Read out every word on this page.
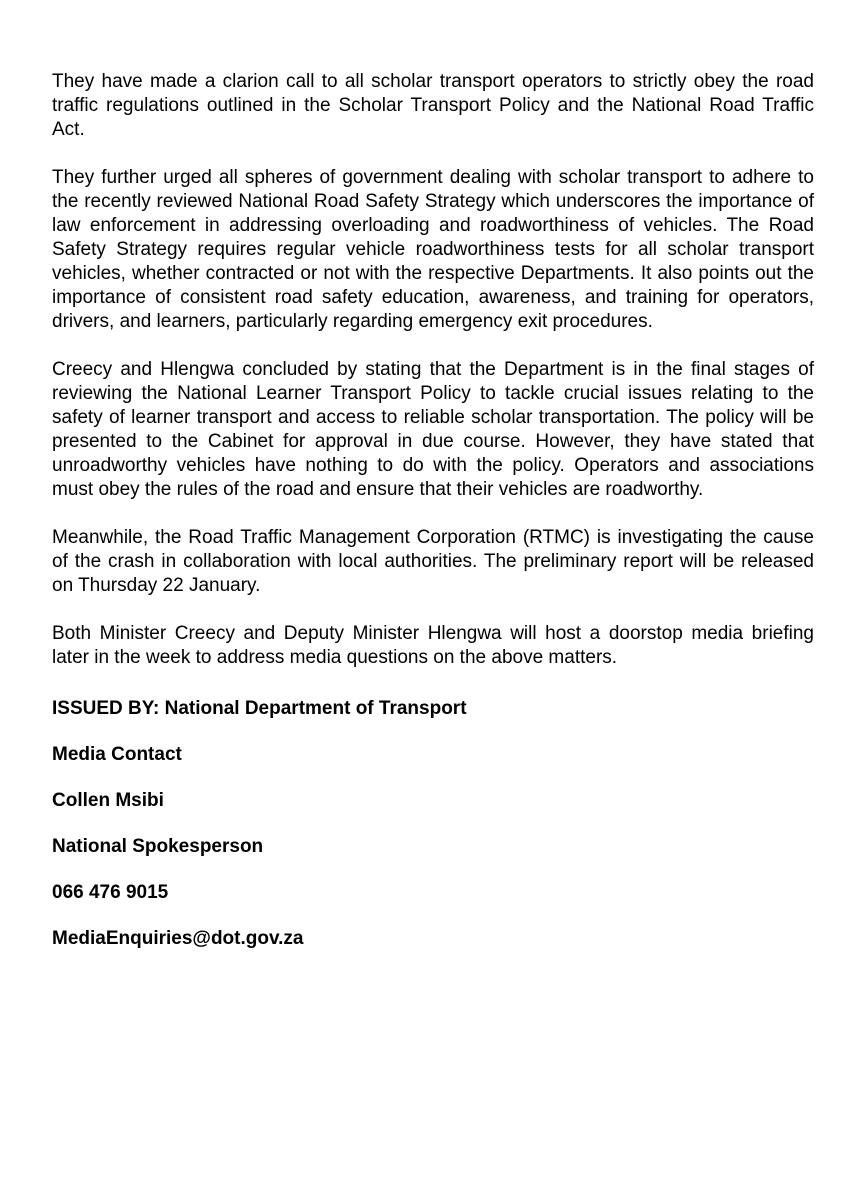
They have made a clarion call to all scholar transport operators to strictly obey the road traffic regulations outlined in the Scholar Transport Policy and the National Road Traffic Act.

They further urged all spheres of government dealing with scholar transport to adhere to the recently reviewed National Road Safety Strategy which underscores the importance of law enforcement in addressing overloading and roadworthiness of vehicles. The Road Safety Strategy requires regular vehicle roadworthiness tests for all scholar transport vehicles, whether contracted or not with the respective Departments. It also points out the importance of consistent road safety education, awareness, and training for operators, drivers, and learners, particularly regarding emergency exit procedures.

Creecy and Hlengwa concluded by stating that the Department is in the final stages of reviewing the National Learner Transport Policy to tackle crucial issues relating to the safety of learner transport and access to reliable scholar transportation. The policy will be presented to the Cabinet for approval in due course. However, they have stated that unroadworthy vehicles have nothing to do with the policy. Operators and associations must obey the rules of the road and ensure that their vehicles are roadworthy.

Meanwhile, the Road Traffic Management Corporation (RTMC) is investigating the cause of the crash in collaboration with local authorities. The preliminary report will be released on Thursday 22 January.

Both Minister Creecy and Deputy Minister Hlengwa will host a doorstop media briefing later in the week to address media questions on the above matters.

ISSUED BY: National Department of Transport
Media Contact
Collen Msibi
National Spokesperson
066 476 9015
MediaEnquiries@dot.gov.za
